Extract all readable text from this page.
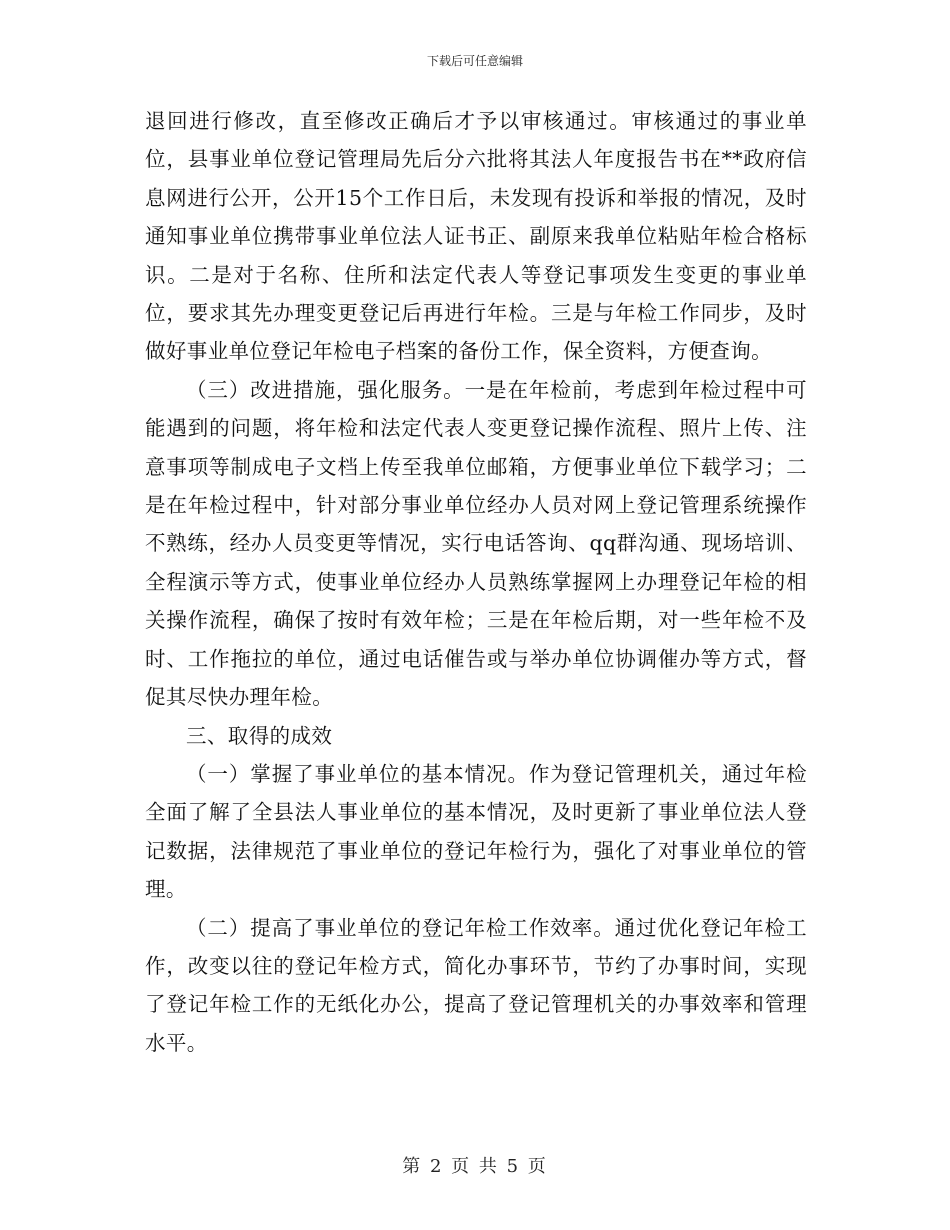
下载后可任意编辑

退回进行修改，直至修改正确后才予以审核通过。审核通过的事业单位，县事业单位登记管理局先后分六批将其法人年度报告书在**政府信息网进行公开，公开15个工作日后，未发现有投诉和举报的情况，及时通知事业单位携带事业单位法人证书正、副原来我单位粘贴年检合格标识。二是对于名称、住所和法定代表人等登记事项发生变更的事业单位，要求其先办理变更登记后再进行年检。三是与年检工作同步，及时做好事业单位登记年检电子档案的备份工作，保全资料，方便查询。

（三）改进措施，强化服务。一是在年检前，考虑到年检过程中可能遇到的问题，将年检和法定代表人变更登记操作流程、照片上传、注意事项等制成电子文档上传至我单位邮箱，方便事业单位下载学习；二是在年检过程中，针对部分事业单位经办人员对网上登记管理系统操作不熟练，经办人员变更等情况，实行电话答询、qq群沟通、现场培训、全程演示等方式，使事业单位经办人员熟练掌握网上办理登记年检的相关操作流程，确保了按时有效年检；三是在年检后期，对一些年检不及时、工作拖拉的单位，通过电话催告或与举办单位协调催办等方式，督促其尽快办理年检。

三、取得的成效

（一）掌握了事业单位的基本情况。作为登记管理机关，通过年检全面了解了全县法人事业单位的基本情况，及时更新了事业单位法人登记数据，法律规范了事业单位的登记年检行为，强化了对事业单位的管理。

（二）提高了事业单位的登记年检工作效率。通过优化登记年检工作，改变以往的登记年检方式，简化办事环节，节约了办事时间，实现了登记年检工作的无纸化办公，提高了登记管理机关的办事效率和管理水平。

第 2 页 共 5 页
